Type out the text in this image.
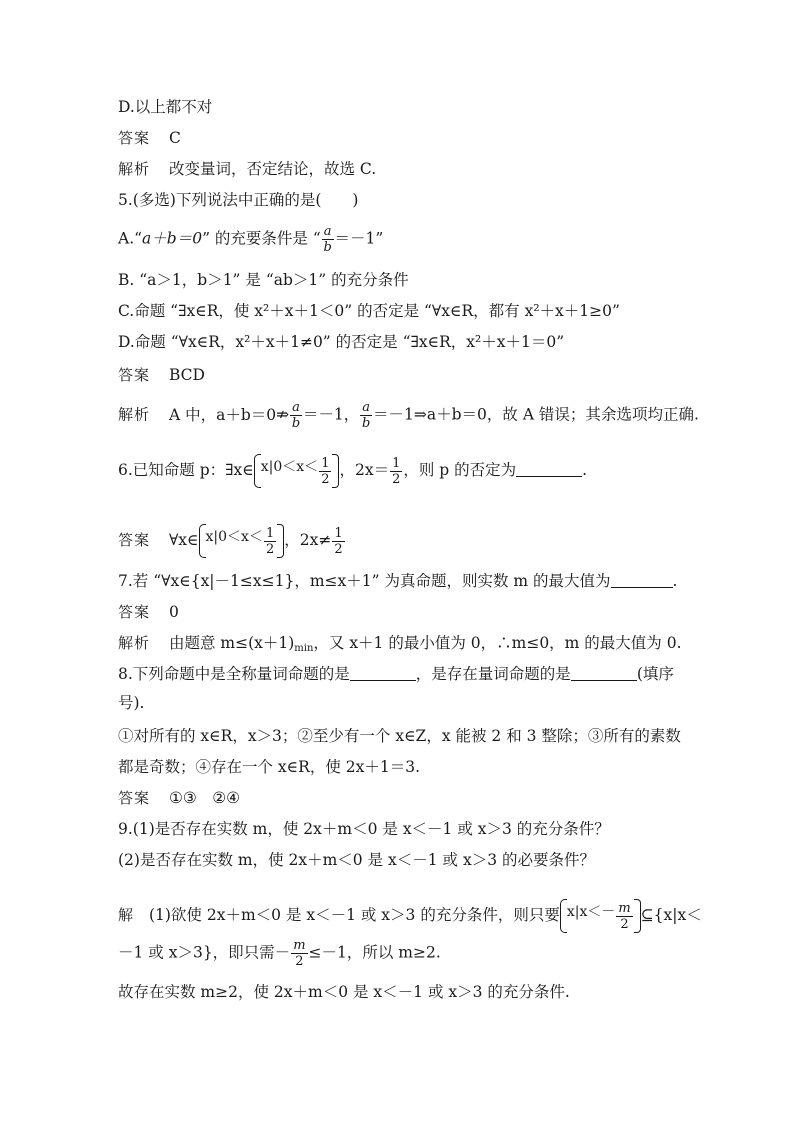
D.以上都不对
答案 C
解析 改变量词，否定结论，故选 C.
5.(多选)下列说法中正确的是(　　)
A.“a＋b＝0” 的充要条件是 “ $\frac{a}{b} =-1$”
B. “a＞1，b＞1” 是 “ab＞1” 的充分条件
C.命题 “∃x∈R，使 x²＋x＋1＜0” 的否定是 “∀x∈R，都有 x²＋x＋1≥0”
D.命题 “∀x∈R，x²＋x＋1≠0” 的否定是 “∃x∈R，x²＋x＋1＝0”
答案 BCD
解析 A 中，a＋b＝0⇏ $\frac{a}{b} =-1$， $\frac{a}{b}$ ＝－1⇒a＋b＝0，故 A 错误；其余选项均正确.
6.已知命题 p：∃x∈ $x|0<x< \frac{1}{2}$ ，$2x= \frac{1}{2}$ ，则 p 的否定为	.
答案 ∀x∈ $x|0<x< \frac{1}{2}$ ，$2x\ne \frac{1}{2}$
7.若 “∀x∈{x|－1≤x≤1}，m≤x＋1” 为真命题，则实数 m 的最大值为	.
答案 0
解析 由题意 $m\le(x+1)_{min}$，又 x＋1 的最小值为 0，∴m≤0，m 的最大值为 0.
8.下列命题中是全称量词命题的是	，是存在量词命题的是	(填序
号).
①对所有的 x∈R，x＞3；②至少有一个 x∈Z，x 能被 2 和 3 整除；③所有的素数
都是奇数；④存在一个 x∈R，使 2x＋1＝3.
答案 ①③　②④
9.(1)是否存在实数 m，使 2x＋m＜0 是 x＜－1 或 x＞3 的充分条件？
(2)是否存在实数 m，使 2x＋m＜0 是 x＜－1 或 x＞3 的必要条件？
解 (1)欲使 2x＋m＜0 是 x＜－1 或 x＞3 的充分条件，则只要 $x|x<- \frac{m}{2}$ ⊆{x|x＜
－1 或 x＞3}，即只需－ $\frac{m}{2} \le-1$，所以 m≥2.
故存在实数 m≥2，使 2x＋m＜0 是 x＜－1 或 x＞3 的充分条件.
